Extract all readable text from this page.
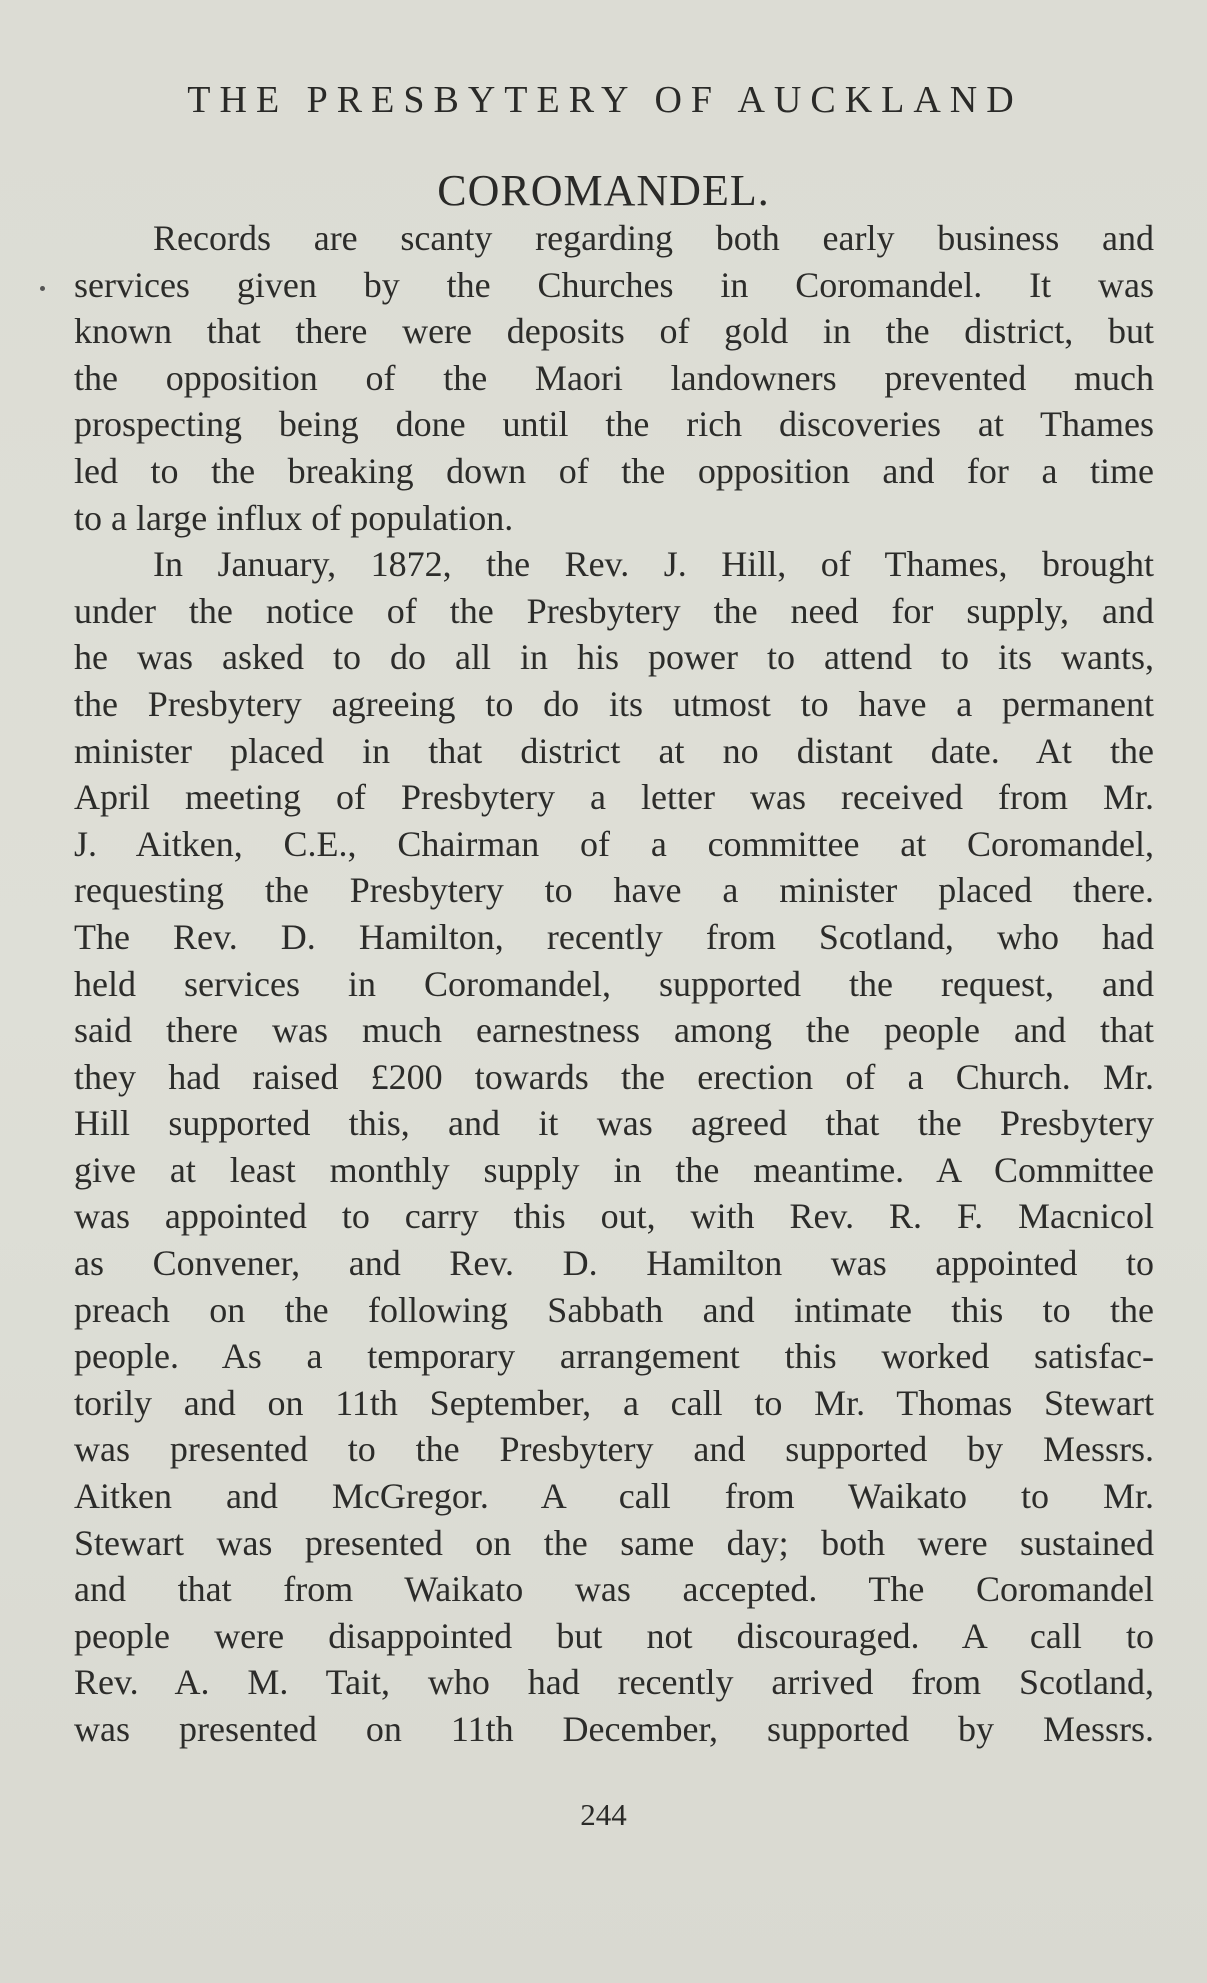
THE PRESBYTERY OF AUCKLAND
COROMANDEL.
Records are scanty regarding both early business and
services given by the Churches in Coromandel. It was
known that there were deposits of gold in the district, but
the opposition of the Maori landowners prevented much
prospecting being done until the rich discoveries at Thames
led to the breaking down of the opposition and for a time
to a large influx of population.
In January, 1872, the Rev. J. Hill, of Thames, brought
under the notice of the Presbytery the need for supply, and
he was asked to do all in his power to attend to its wants,
the Presbytery agreeing to do its utmost to have a permanent
minister placed in that district at no distant date. At the
April meeting of Presbytery a letter was received from Mr.
J. Aitken, C.E., Chairman of a committee at Coromandel,
requesting the Presbytery to have a minister placed there.
The Rev. D. Hamilton, recently from Scotland, who had
held services in Coromandel, supported the request, and
said there was much earnestness among the people and that
they had raised £200 towards the erection of a Church. Mr.
Hill supported this, and it was agreed that the Presbytery
give at least monthly supply in the meantime. A Committee
was appointed to carry this out, with Rev. R. F. Macnicol
as Convener, and Rev. D. Hamilton was appointed to
preach on the following Sabbath and intimate this to the
people. As a temporary arrangement this worked satisfac-
torily and on 11th September, a call to Mr. Thomas Stewart
was presented to the Presbytery and supported by Messrs.
Aitken and McGregor. A call from Waikato to Mr.
Stewart was presented on the same day; both were sustained
and that from Waikato was accepted. The Coromandel
people were disappointed but not discouraged. A call to
Rev. A. M. Tait, who had recently arrived from Scotland,
was presented on 11th December, supported by Messrs.
244
